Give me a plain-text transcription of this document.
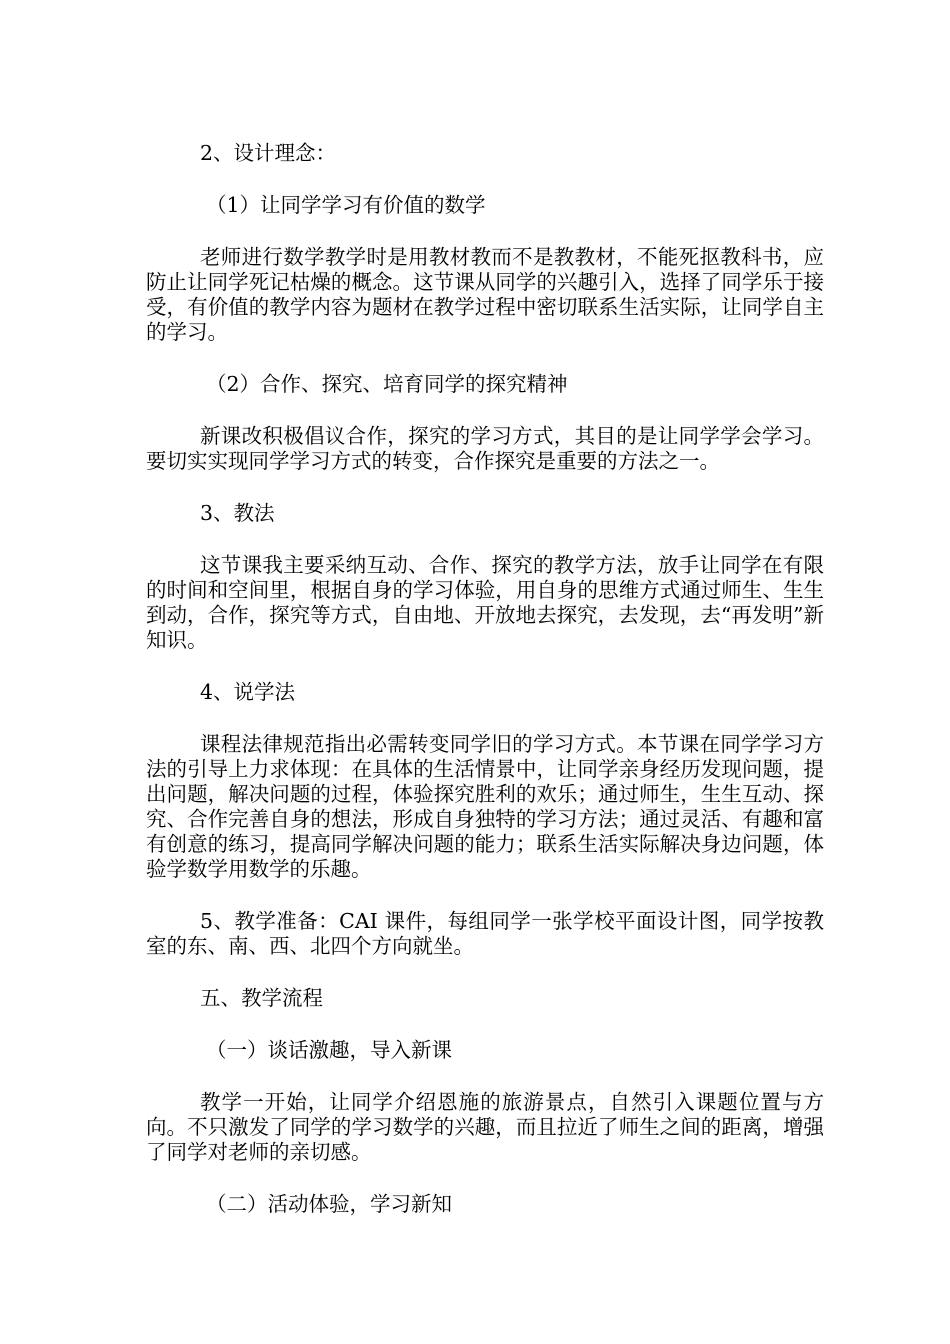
2、设计理念：
（1）让同学学习有价值的数学
老师进行数学教学时是用教材教而不是教教材，不能死抠教科书，应防止让同学死记枯燥的概念。这节课从同学的兴趣引入，选择了同学乐于接受，有价值的教学内容为题材在教学过程中密切联系生活实际，让同学自主的学习。
（2）合作、探究、培育同学的探究精神
新课改积极倡议合作，探究的学习方式，其目的是让同学学会学习。要切实实现同学学习方式的转变，合作探究是重要的方法之一。
3、教法
这节课我主要采纳互动、合作、探究的教学方法，放手让同学在有限的时间和空间里，根据自身的学习体验，用自身的思维方式通过师生、生生到动，合作，探究等方式，自由地、开放地去探究，去发现，去“再发明”新知识。
4、说学法
课程法律规范指出必需转变同学旧的学习方式。本节课在同学学习方法的引导上力求体现：在具体的生活情景中，让同学亲身经历发现问题，提出问题，解决问题的过程，体验探究胜利的欢乐；通过师生，生生互动、探究、合作完善自身的想法，形成自身独特的学习方法；通过灵活、有趣和富有创意的练习，提高同学解决问题的能力；联系生活实际解决身边问题，体验学数学用数学的乐趣。
5、教学准备：CAI 课件，每组同学一张学校平面设计图，同学按教室的东、南、西、北四个方向就坐。
五、教学流程
（一）谈话激趣，导入新课
教学一开始，让同学介绍恩施的旅游景点，自然引入课题位置与方向。不只激发了同学的学习数学的兴趣，而且拉近了师生之间的距离，增强了同学对老师的亲切感。
（二）活动体验，学习新知
